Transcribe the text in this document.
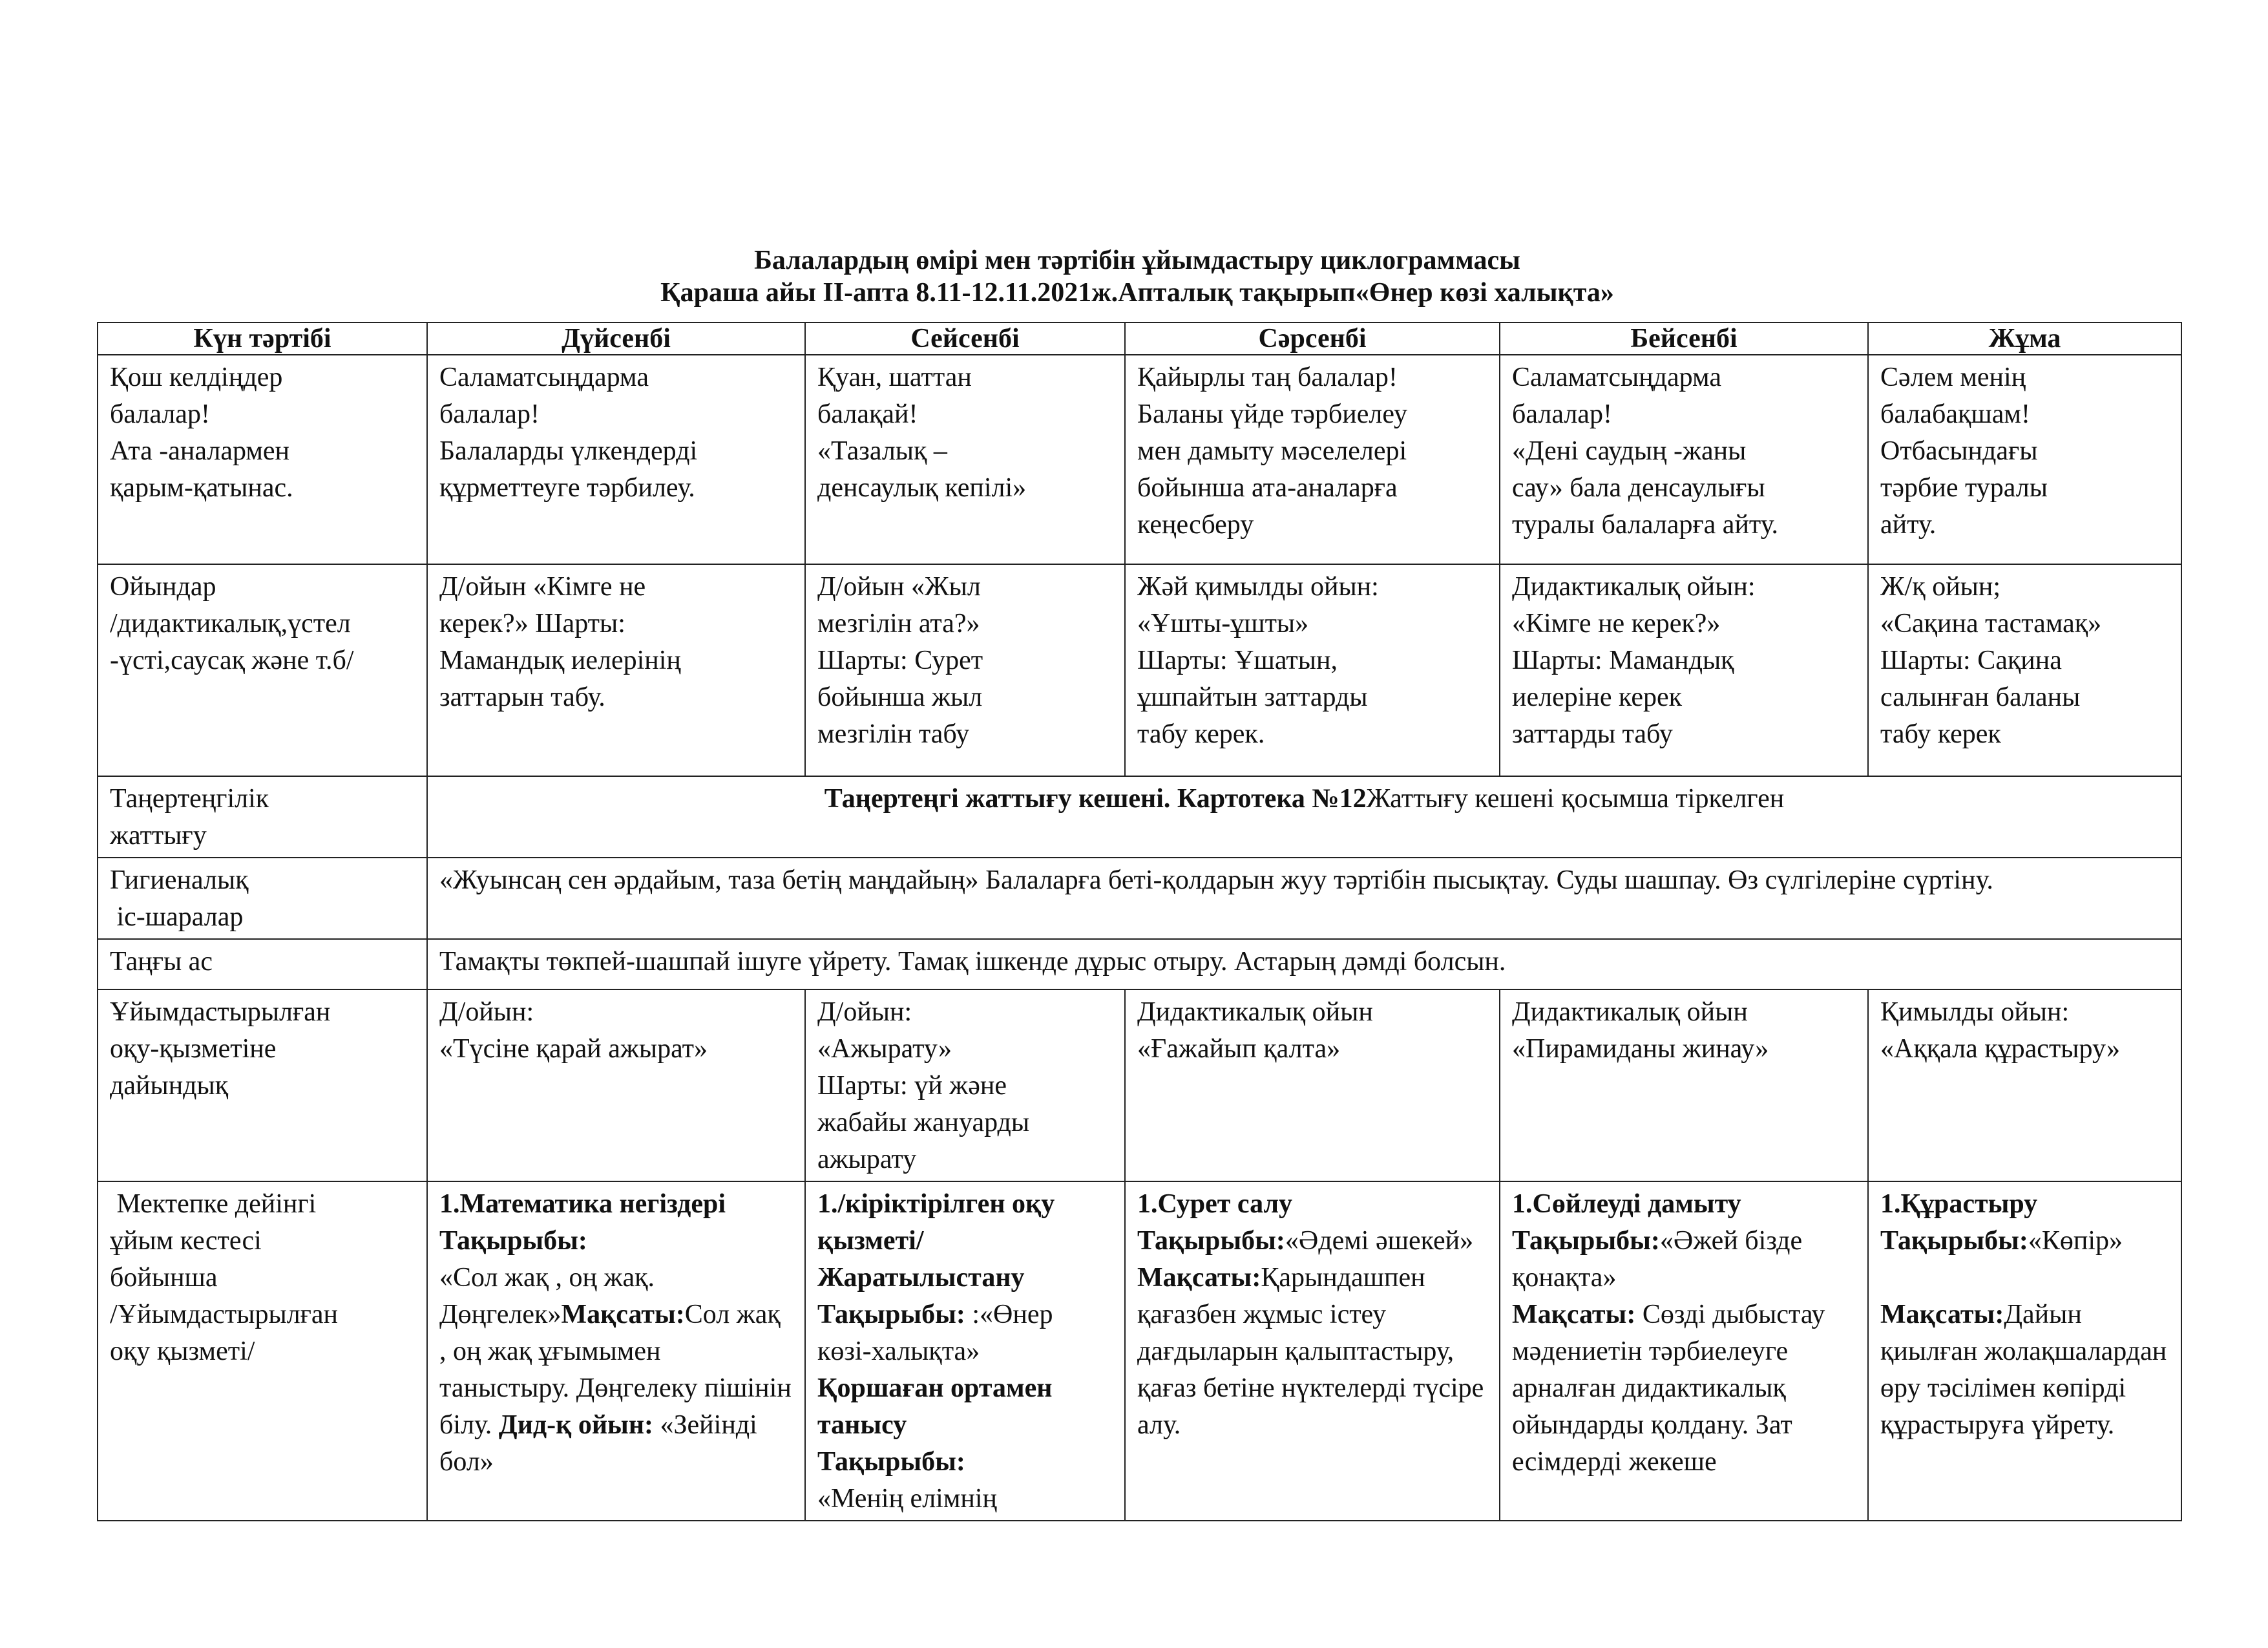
Балалардың өмірі мен тәртібін ұйымдастыру циклограммасы
Қараша айы ІІ-апта 8.11-12.11.2021ж.Апталық тақырып«Өнер көзі халықта»
Күн тәртібі	Дүйсенбі	Сейсенбі	Сәрсенбі	Бейсенбі	Жұма

Қош келдіңдер
балалар!
Ата -аналармен
қарым-қатынас.	Саламатсыңдарма
балалар!
Балаларды үлкендерді
құрметтеуге тәрбилеу.	Қуан, шаттан
балақай!
«Тазалық –
денсаулық кепілі»	Қайырлы таң балалар!
Баланы үйде тәрбиелеу
мен дамыту мәселелері
бойынша ата-аналарға
кеңесберу	Саламатсыңдарма
балалар!
«Дені саудың -жаны
сау» бала денсаулығы
туралы балаларға айту.	Сәлем менің
балабақшам!
Отбасындағы
тәрбие туралы
айту.

Ойындар
/дидактикалық,үстел
-үсті,саусақ және т.б/	Д/ойын «Кімге не
керек?» Шарты:
Мамандық иелерінің
заттарын табу.	Д/ойын «Жыл
мезгілін ата?»
Шарты: Сурет
бойынша жыл
мезгілін табу	Жәй қимылды ойын:
«Ұшты-ұшты»
Шарты: Ұшатын,
ұшпайтын заттарды
табу керек.	Дидактикалық ойын:
«Кімге не керек?»
Шарты: Мамандық
иелеріне керек
заттарды табу	Ж/қ ойын;
«Сақина тастамақ»
Шарты: Сақина
салынған баланы
табу керек

Таңертеңгілік
жаттығу	Таңертеңгі жаттығу кешені. Картотека №12Жаттығу кешені қосымша тіркелген				

Гигиеналық
іс-шаралар	«Жуынсаң сен әрдайым, таза бетің маңдайың» Балаларға беті-қолдарын жуу тәртібін пысықтау. Суды шашпау. Өз сүлгілеріне сүртіну.				

Таңғы ас	Тамақты төкпей-шашпай ішуге үйрету. Тамақ ішкенде дұрыс отыру. Астарың дәмді болсын.				

Ұйымдастырылған
оқу-қызметіне
дайындық	Д/ойын:
«Түсіне қарай ажырат»	Д/ойын:
«Ажырату»
Шарты: үй және
жабайы жануарды
ажырату	Дидактикалық ойын
«Ғажайып қалта»	Дидактикалық ойын
«Пирамиданы жинау»	Қимылды ойын:
«Аққала құрастыру»

Мектепке дейінгі
ұйым кестесі
бойынша
/Ұйымдастырылған
оқу қызметі/	1.Математика негіздері
Тақырыбы:
«Сол жақ , оң жақ. Дөңгелек»Мақсаты:Сол жақ , оң жақ ұғымымен таныстыру. Дөңгелеку пішінін білу. Дид-қ ойын: «Зейінді бол»	1./кіріктірілген оқу қызметі/ Жаратылыстану
Тақырыбы: :«Өнер көзі-халықта»
Қоршаған ортамен танысу
Тақырыбы:
«Менің елімнің	1.Сурет салу
Тақырыбы:«Әдемі әшекей»
Мақсаты:Қарындашпен қағазбен жұмыс істеу дағдыларын қалыптастыру, қағаз бетіне нүктелерді түсіре алу.	1.Сөйлеуді дамыту
Тақырыбы:«Әжей бізде қонақта»
Мақсаты: Сөзді дыбыстау мәдениетін тәрбиелеуге арналған дидактикалық ойындарды қолдану. Зат есімдерді жекеше	1.Құрастыру
Тақырыбы:«Көпір»
Мақсаты:Дайын қиылған жолақшалардан өру тәсілімен көпірді құрастыруға үйрету.
